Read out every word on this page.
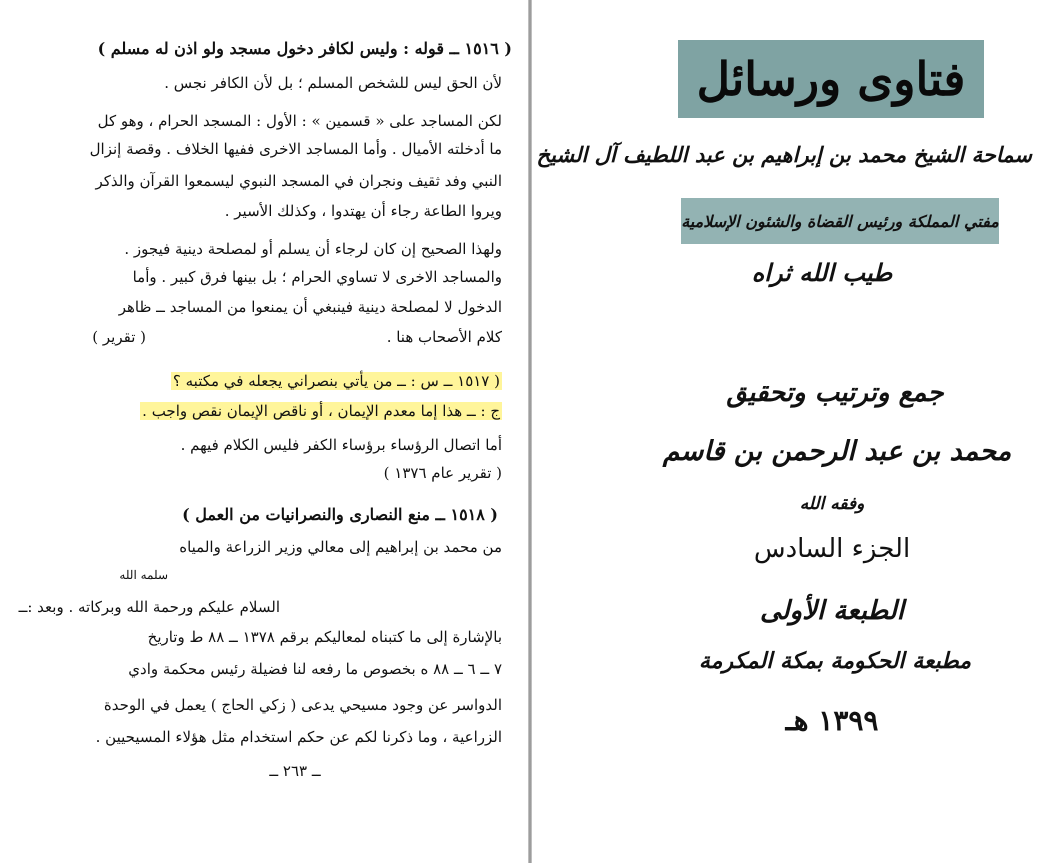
( ١٥١٦ ــ قوله : وليس لكافر دخول مسجد ولو اذن له مسلم )
لأن الحق ليس للشخص المسلم ؛ بل لأن الكافر نجس .
لكن المساجد على « قسمين » : الأول : المسجد الحرام ، وهو كل
ما أدخلته الأميال . وأما المساجد الاخرى ففيها الخلاف . وقصة إنزال
النبي وفد ثقيف ونجران في المسجد النبوي ليسمعوا القرآن والذكر
ويروا الطاعة رجاء أن يهتدوا ، وكذلك الأسير .
ولهذا الصحيح إن كان لرجاء أن يسلم أو لمصلحة دينية فيجوز .
والمساجد الاخرى لا تساوي الحرام ؛ بل بينها فرق كبير . وأما
الدخول لا لمصلحة دينية فينبغي أن يمنعوا من المساجد ــ ظاهر
كلام الأصحاب هنا .
( تقرير )
( ١٥١٧ ــ س : ــ من يأتي بنصراني يجعله في مكتبه ؟
ج : ــ هذا إما معدم الإيمان ، أو ناقص الإيمان نقص واجب .
أما اتصال الرؤساء برؤساء الكفر فليس الكلام فيهم .
( تقرير عام ١٣٧٦ )
( ١٥١٨ ــ منع النصارى والنصرانيات من العمل )
من محمد بن إبراهيم إلى معالي وزير الزراعة والمياه
سلمه الله
السلام عليكم ورحمة الله وبركاته . وبعد :ــ
بالإشارة إلى ما كتبناه لمعاليكم برقم ١٣٧٨ ــ ٨٨ ط وتاريخ
٧ ــ ٦ ــ ٨٨ ه بخصوص ما رفعه لنا فضيلة رئيس محكمة وادي
الدواسر عن وجود مسيحي يدعى ( زكي الحاج ) يعمل في الوحدة
الزراعية ، وما ذكرنا لكم عن حكم استخدام مثل هؤلاء المسيحيين .
ــ ٢٦٣ ــ
فتاوى ورسائل
سماحة الشيخ محمد بن إبراهيم بن عبد اللطيف آل الشيخ
مفتي المملكة ورئيس القضاة والشئون الإسلامية
طيب الله ثراه
جمع وترتيب وتحقيق
محمد بن عبد الرحمن بن قاسم
وفقه الله
الجزء السادس
الطبعة الأولى
مطبعة الحكومة بمكة المكرمة
١٣٩٩ هـ
